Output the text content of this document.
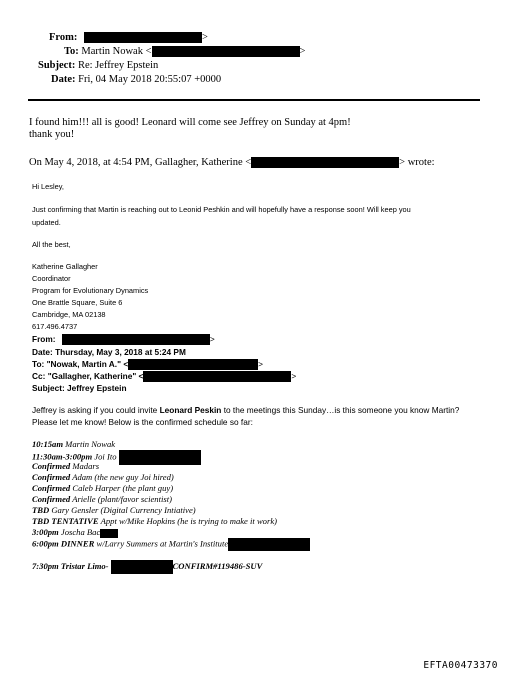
From:	>
To: Martin Nowak <	>
Subject: Re: Jeffrey Epstein
Date: Fri, 04 May 2018 20:55:07 +0000
I found him!!! all is good! Leonard will come see Jeffrey on Sunday at 4pm!
thank you!
On May 4, 2018, at 4:54 PM, Gallagher, Katherine <	> wrote:
Hi Lesley,
Just confirming that Martin is reaching out to Leonid Peshkin and will hopefully have a response soon! Will keep you
updated.
All the best,
Katherine Gallagher
Coordinator
Program for Evolutionary Dynamics
One Brattle Square, Suite 6
Cambridge, MA 02138
617.496.4737
From:	>
Date: Thursday, May 3, 2018 at 5:24 PM
To: "Nowak, Martin A." <	>
Cc: "Gallagher, Katherine" <	>
Subject: Jeffrey Epstein
Jeffrey is asking if you could invite Leonard Peskin to the meetings this Sunday…is this someone you know Martin?
Please let me know! Below is the confirmed schedule so far:
10:15am Martin Nowak
11:30am-3:00pm Joi Ito
Confirmed Madars
Confirmed Adam (the new guy Joi hired)
Confirmed Caleb Harper (the plant guy)
Confirmed Arielle (plant/favor scientist)
TBD Gary Gensler (Digital Currency Intiative)
TBD TENTATIVE Appt w/Mike Hopkins (he is trying to make it work)
3:00pm Joscha Bac
6:00pm DINNER w/Larry Summers at Martin's Institute
7:30pm Tristar Limo-	CONFIRM#119486-SUV
EFTA00473370
